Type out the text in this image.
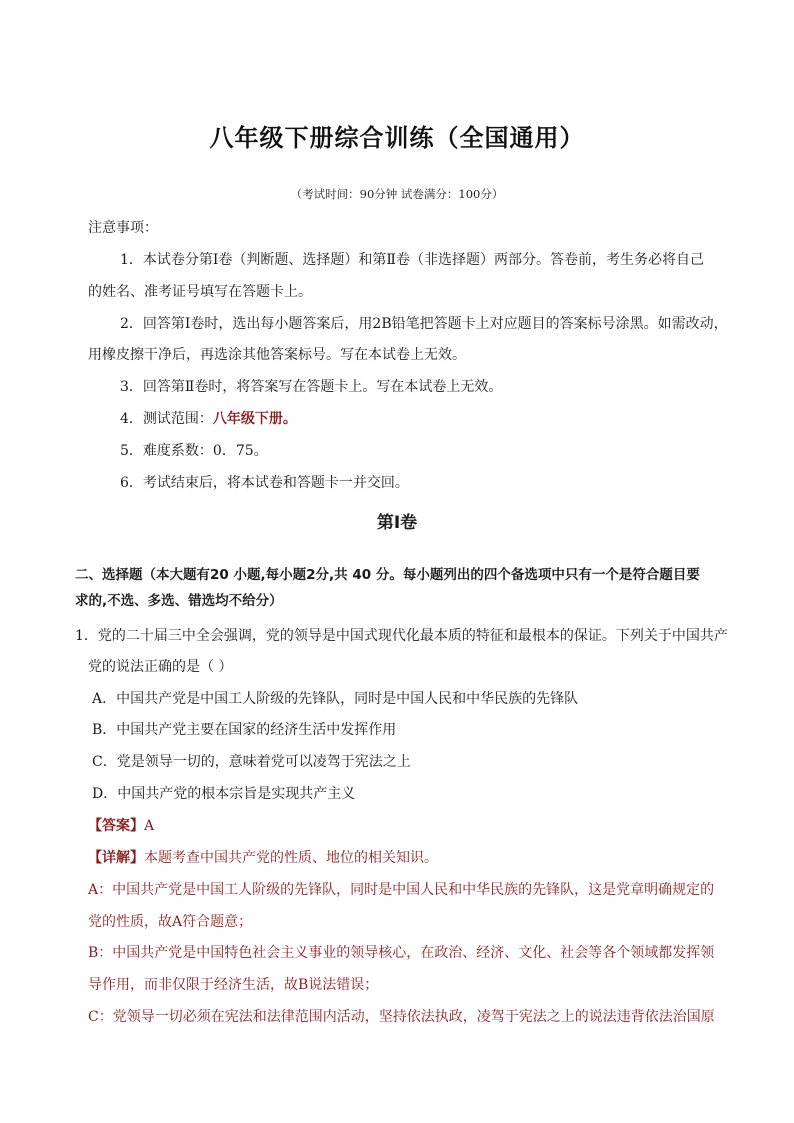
八年级下册综合训练（全国通用）
（考试时间：90分钟 试卷满分：100分）
注意事项：
1．本试卷分第Ⅰ卷（判断题、选择题）和第Ⅱ卷（非选择题）两部分。答卷前，考生务必将自己
的姓名、准考证号填写在答题卡上。
2．回答第Ⅰ卷时，选出每小题答案后，用2B铅笔把答题卡上对应题目的答案标号涂黑。如需改动，
用橡皮擦干净后，再选涂其他答案标号。写在本试卷上无效。
3．回答第Ⅱ卷时，将答案写在答题卡上。写在本试卷上无效。
4．测试范围：八年级下册。
5．难度系数：0．75。
6．考试结束后，将本试卷和答题卡一并交回。
第Ⅰ卷
二、选择题（本大题有20 小题,每小题2分,共 40 分。每小题列出的四个备选项中只有一个是符合题目要
求的,不选、多选、错选均不给分）
1．党的二十届三中全会强调，党的领导是中国式现代化最本质的特征和最根本的保证。下列关于中国共产
党的说法正确的是（ ）
A．中国共产党是中国工人阶级的先锋队，同时是中国人民和中华民族的先锋队
B．中国共产党主要在国家的经济生活中发挥作用
C．党是领导一切的，意味着党可以凌驾于宪法之上
D．中国共产党的根本宗旨是实现共产主义
【答案】A
【详解】本题考查中国共产党的性质、地位的相关知识。
A：中国共产党是中国工人阶级的先锋队，同时是中国人民和中华民族的先锋队，这是党章明确规定的
党的性质，故A符合题意；
B：中国共产党是中国特色社会主义事业的领导核心，在政治、经济、文化、社会等各个领域都发挥领
导作用，而非仅限于经济生活，故B说法错误；
C：党领导一切必须在宪法和法律范围内活动，坚持依法执政，凌驾于宪法之上的说法违背依法治国原
